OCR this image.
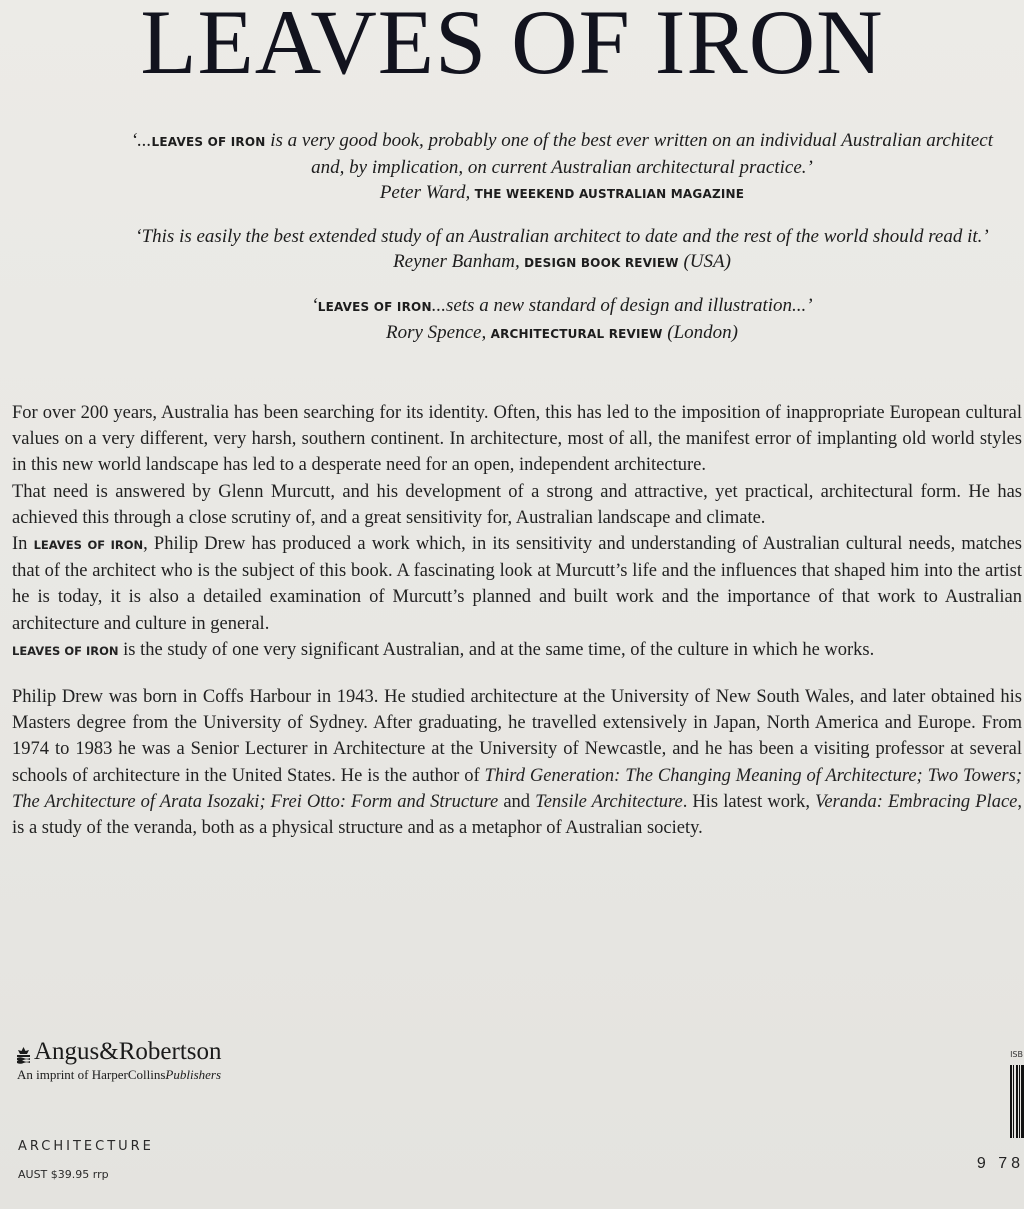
LEAVES OF IRON
‘...LEAVES OF IRON is a very good book, probably one of the best ever written on an individual Australian architect and, by implication, on current Australian architectural practice.’
Peter Ward, THE WEEKEND AUSTRALIAN MAGAZINE
‘This is easily the best extended study of an Australian architect to date and the rest of the world should read it.’
Reyner Banham, DESIGN BOOK REVIEW (USA)
‘LEAVES OF IRON...sets a new standard of design and illustration...’
Rory Spence, ARCHITECTURAL REVIEW (London)

For over 200 years, Australia has been searching for its identity. Often, this has led to the imposition of inappropriate European cultural values on a very different, very harsh, southern continent. In architecture, most of all, the manifest error of implanting old world styles in this new world landscape has led to a desperate need for an open, independent architecture.

That need is answered by Glenn Murcutt, and his development of a strong and attractive, yet practical, architectural form. He has achieved this through a close scrutiny of, and a great sensitivity for, Australian landscape and climate.

In LEAVES OF IRON, Philip Drew has produced a work which, in its sensitivity and understanding of Australian cultural needs, matches that of the architect who is the subject of this book. A fascinating look at Murcutt’s life and the influences that shaped him into the artist he is today, it is also a detailed examination of Murcutt’s planned and built work and the importance of that work to Australian architecture and culture in general.

LEAVES OF IRON is the study of one very significant Australian, and at the same time, of the culture in which he works.

Philip Drew was born in Coffs Harbour in 1943. He studied architecture at the University of New South Wales, and later obtained his Masters degree from the University of Sydney. After graduating, he travelled extensively in Japan, North America and Europe. From 1974 to 1983 he was a Senior Lecturer in Architecture at the University of Newcastle, and he has been a visiting professor at several schools of architecture in the United States. He is the author of Third Generation: The Changing Meaning of Architecture; Two Towers; The Architecture of Arata Isozaki; Frei Otto: Form and Structure and Tensile Architecture. His latest work, Veranda: Embracing Place, is a study of the veranda, both as a physical structure and as a metaphor of Australian society.

Angus&Robertson
An imprint of HarperCollinsPublishers
ARCHITECTURE
AUST $39.95 rrp
ISB
9 78
